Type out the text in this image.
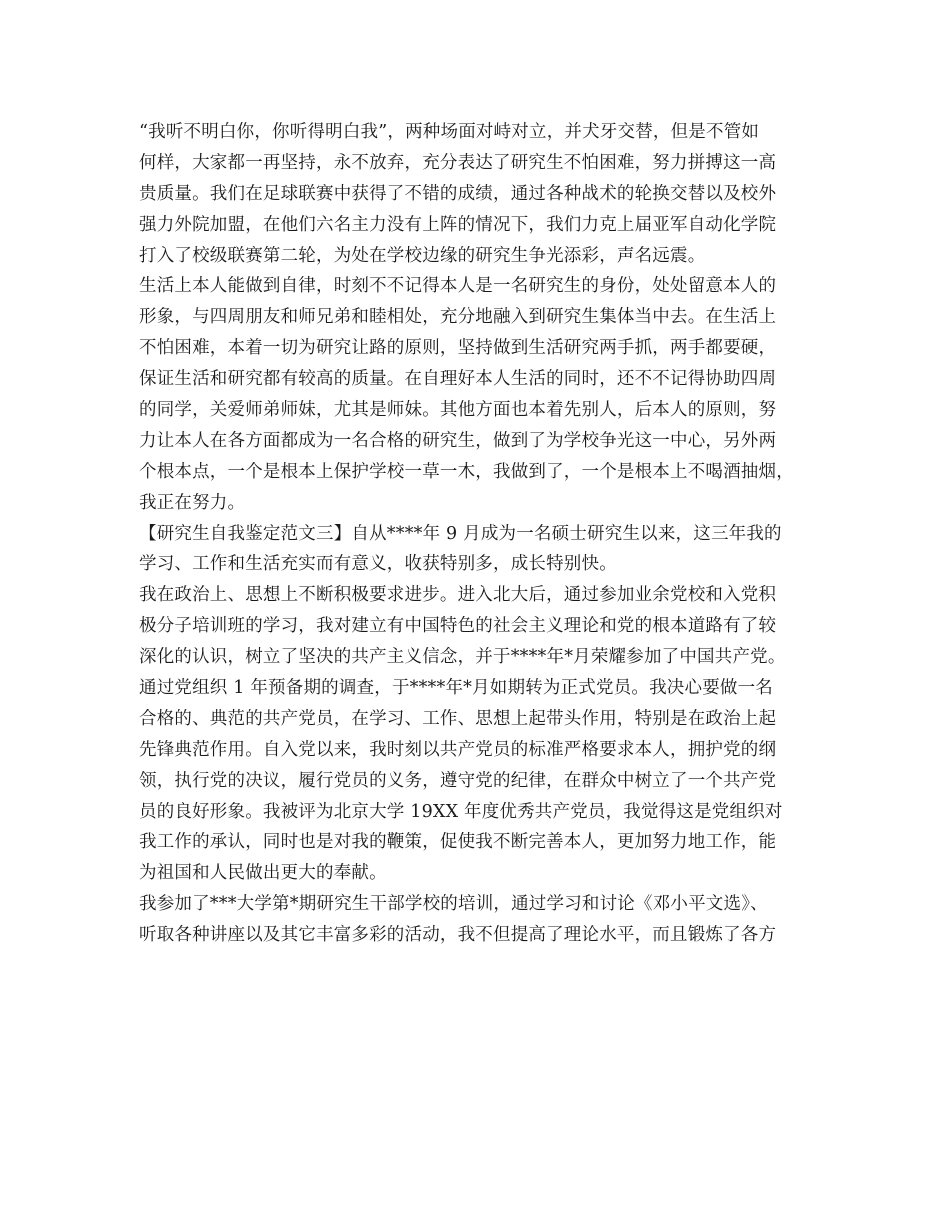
“我听不明白你，你听得明白我”，两种场面对峙对立，并犬牙交替，但是不管如
何样，大家都一再坚持，永不放弃，充分表达了研究生不怕困难，努力拼搏这一高
贵质量。我们在足球联赛中获得了不错的成绩，通过各种战术的轮换交替以及校外
强力外院加盟，在他们六名主力没有上阵的情况下，我们力克上届亚军自动化学院
打入了校级联赛第二轮，为处在学校边缘的研究生争光添彩，声名远震。
生活上本人能做到自律，时刻不不记得本人是一名研究生的身份，处处留意本人的
形象，与四周朋友和师兄弟和睦相处，充分地融入到研究生集体当中去。在生活上
不怕困难，本着一切为研究让路的原则，坚持做到生活研究两手抓，两手都要硬，
保证生活和研究都有较高的质量。在自理好本人生活的同时，还不不记得协助四周
的同学，关爱师弟师妹，尤其是师妹。其他方面也本着先别人，后本人的原则，努
力让本人在各方面都成为一名合格的研究生，做到了为学校争光这一中心，另外两
个根本点，一个是根本上保护学校一草一木，我做到了，一个是根本上不喝酒抽烟，
我正在努力。
【研究生自我鉴定范文三】自从****年 9 月成为一名硕士研究生以来，这三年我的
学习、工作和生活充实而有意义，收获特别多，成长特别快。
我在政治上、思想上不断积极要求进步。进入北大后，通过参加业余党校和入党积
极分子培训班的学习，我对建立有中国特色的社会主义理论和党的根本道路有了较
深化的认识，树立了坚决的共产主义信念，并于****年*月荣耀参加了中国共产党。
通过党组织 1 年预备期的调查，于****年*月如期转为正式党员。我决心要做一名
合格的、典范的共产党员，在学习、工作、思想上起带头作用，特别是在政治上起
先锋典范作用。自入党以来，我时刻以共产党员的标准严格要求本人，拥护党的纲
领，执行党的决议，履行党员的义务，遵守党的纪律，在群众中树立了一个共产党
员的良好形象。我被评为北京大学 19XX 年度优秀共产党员，我觉得这是党组织对
我工作的承认，同时也是对我的鞭策，促使我不断完善本人，更加努力地工作，能
为祖国和人民做出更大的奉献。
我参加了***大学第*期研究生干部学校的培训，通过学习和讨论《邓小平文选》、
听取各种讲座以及其它丰富多彩的活动，我不但提高了理论水平，而且锻炼了各方
